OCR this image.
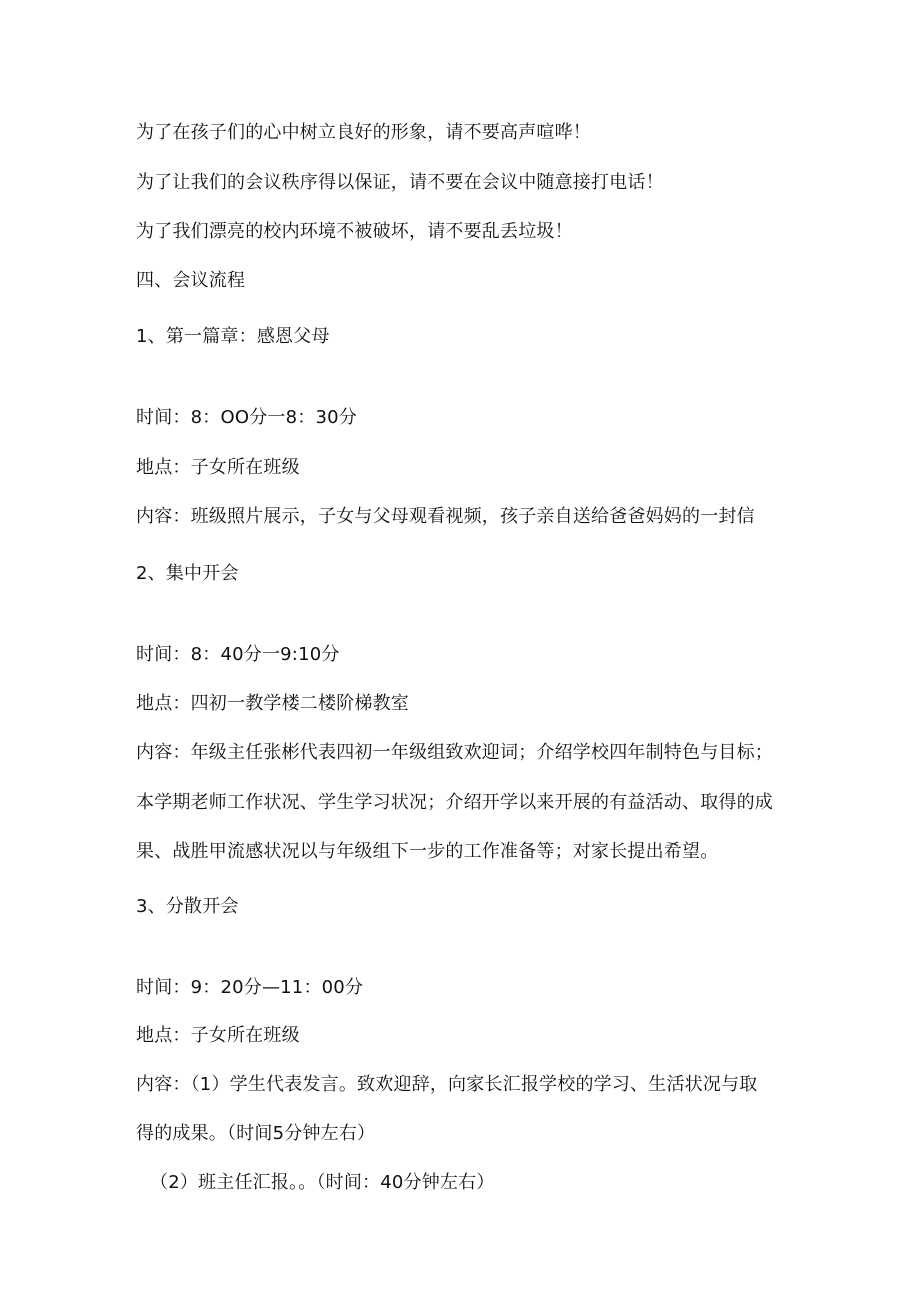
为了在孩子们的心中树立良好的形象，请不要高声喧哗！
为了让我们的会议秩序得以保证，请不要在会议中随意接打电话！
为了我们漂亮的校内环境不被破坏，请不要乱丢垃圾！
四、会议流程
1、第一篇章：感恩父母
时间：8：OO分一8：30分
地点：子女所在班级
内容：班级照片展示，子女与父母观看视频，孩子亲自送给爸爸妈妈的一封信
2、集中开会
时间：8：40分一9:10分
地点：四初一教学楼二楼阶梯教室
内容：年级主任张彬代表四初一年级组致欢迎词；介绍学校四年制特色与目标；
本学期老师工作状况、学生学习状况；介绍开学以来开展的有益活动、取得的成
果、战胜甲流感状况以与年级组下一步的工作准备等；对家长提出希望。
3、分散开会
时间：9：20分—11：00分
地点：子女所在班级
内容：（1）学生代表发言。致欢迎辞，向家长汇报学校的学习、生活状况与取
得的成果。（时间5分钟左右）
（2）班主任汇报。。（时间：40分钟左右）
